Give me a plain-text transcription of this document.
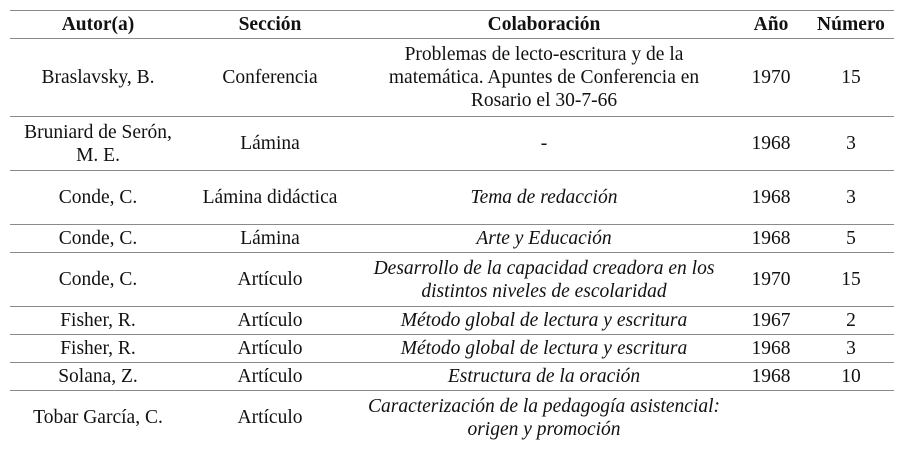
Autor(a)	Sección	Colaboración	Año	Número
Braslavsky, B.	Conferencia	Problemas de lecto-escritura y de la matemática. Apuntes de Conferencia en Rosario el 30-7-66	1970	15
Bruniard de Serón, M. E.	Lámina	-	1968	3
Conde, C.	Lámina didáctica	Tema de redacción	1968	3
Conde, C.	Lámina	Arte y Educación	1968	5
Conde, C.	Artículo	Desarrollo de la capacidad creadora en los distintos niveles de escolaridad	1970	15
Fisher, R.	Artículo	Método global de lectura y escritura	1967	2
Fisher, R.	Artículo	Método global de lectura y escritura	1968	3
Solana, Z.	Artículo	Estructura de la oración	1968	10
Tobar García, C.	Artículo	Caracterización de la pedagogía asistencial: origen y promoción		
